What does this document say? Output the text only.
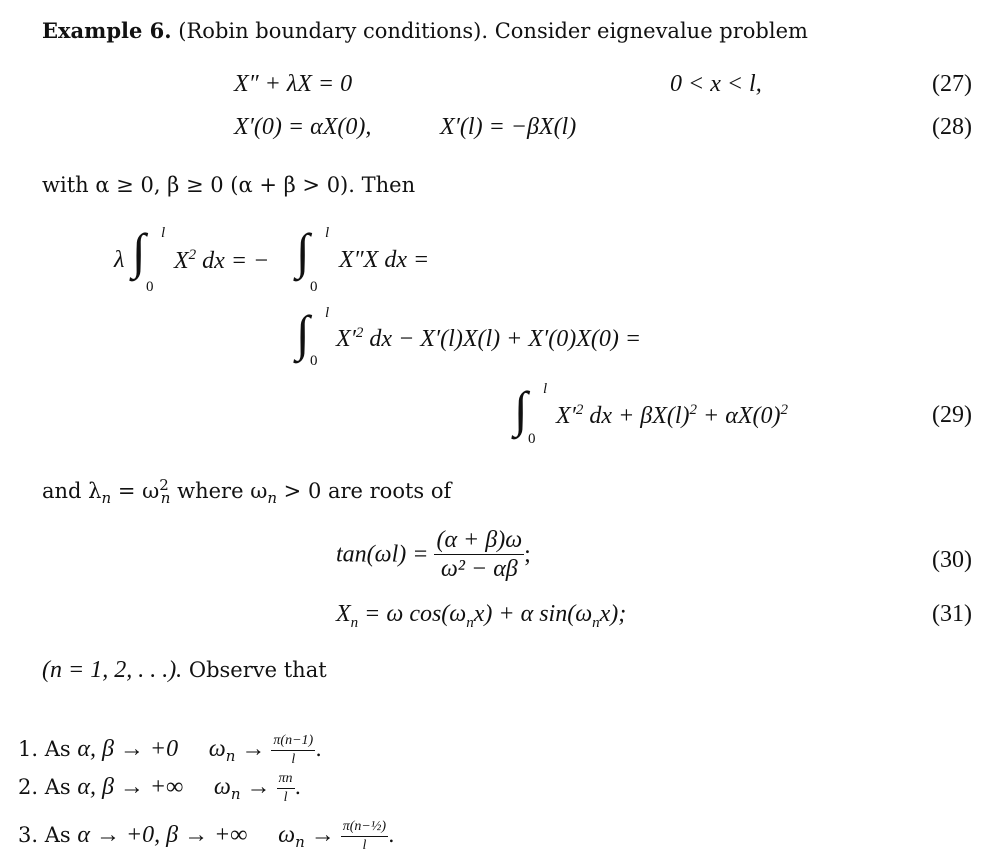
Example 6. (Robin boundary conditions). Consider eignevalue problem
X″ + λX = 0	0 < x < l,	(27)
X′(0) = αX(0),	X′(l) = −βX(l)	(28)
with α ≥ 0, β ≥ 0 (α + β > 0). Then
λ ∫ l
0
$X^2$ dx = − ∫ l
0
X″X dx =
∫ l
0
$X'^2$ dx − X′(l)X(l) + X′(0)X(0) =
∫ l
0
$X'^2$ dx + $\beta X(l)^2 + \alpha X(0)^2$	(29)
and $\lambda_n = \omega^2_n$ where $\omega_n > 0$ are roots of
$\tan(\omega l) = \frac{(\alpha + \beta)\omega}{\text{ω² − αβ}}$ ;	(30)
$X_n = \omega$ $\cos(\omega_nx) + \alpha$ $\sin(\omega_nx)$;	(31)
(n = 1, 2, . . .). Observe that
1. As α, β → +0 $\omega_n \to \frac{\pi(n-1)}{l}$ .
2. As α, β → +∞ $\omega_n \to \frac{\pi n}{l}$ .
3. As α → +0, β → +∞ $\omega_n \to \frac{\text{π(n−½)}}{l}$ .
